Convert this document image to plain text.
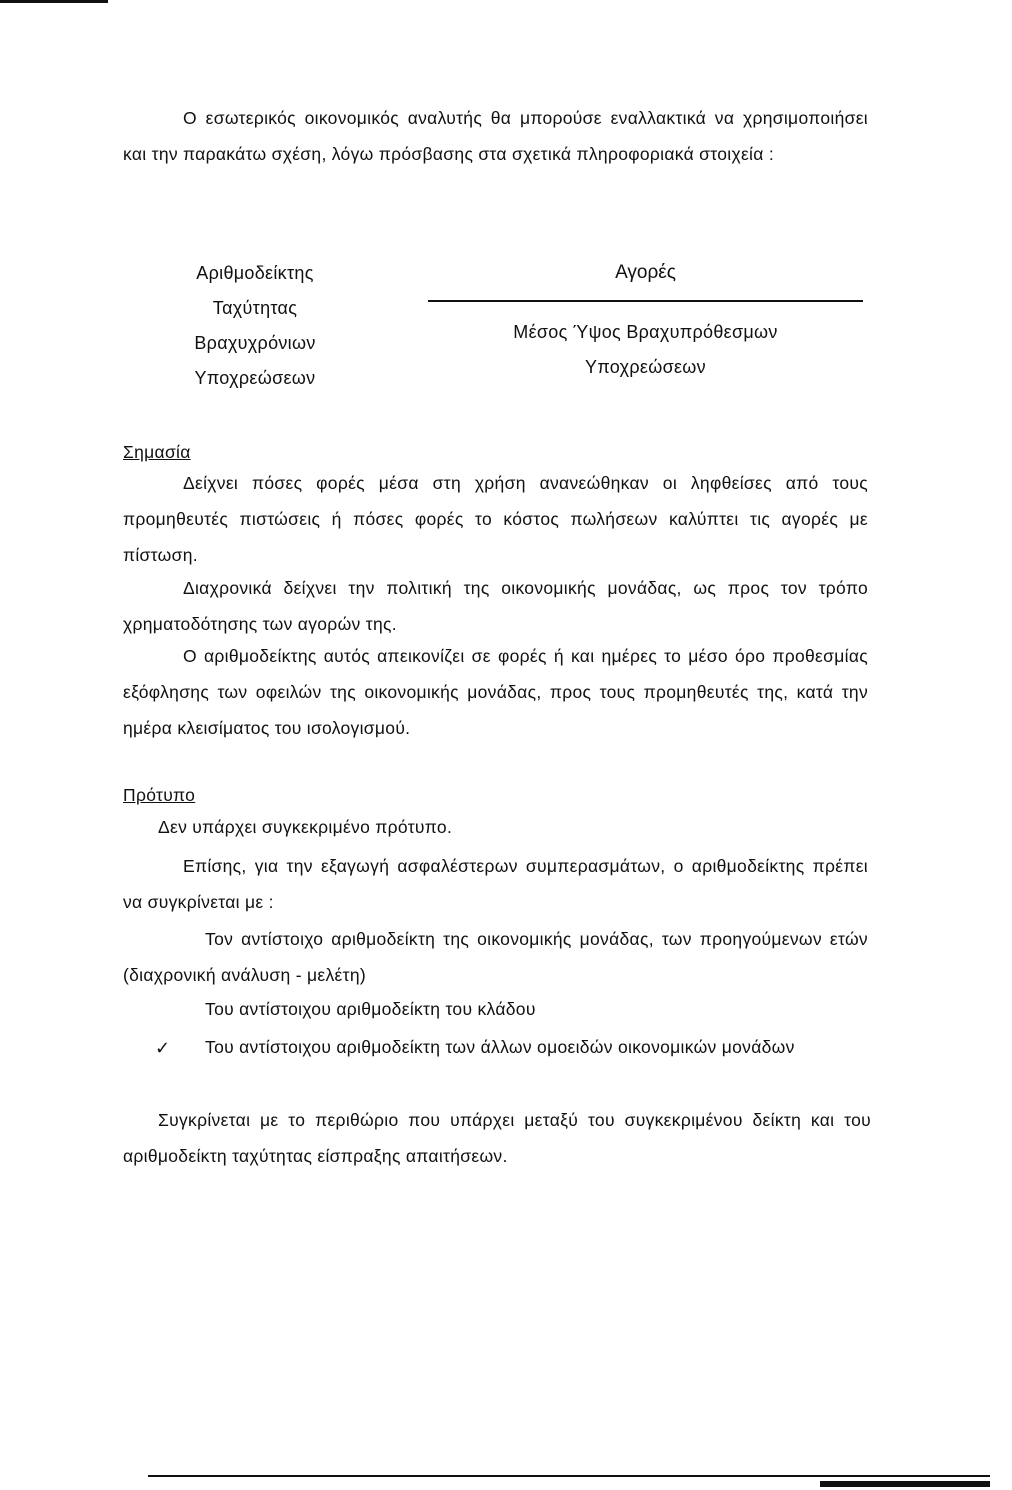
Ο εσωτερικός οικονομικός αναλυτής θα μπορούσε εναλλακτικά να χρησιμοποιήσει και την παρακάτω σχέση, λόγω πρόσβασης στα σχετικά πληροφοριακά στοιχεία :

Αριθμοδείκτης
Ταχύτητας
Βραχυχρόνιων
Υποχρεώσεων
Αγορές
Μέσος Ύψος Βραχυπρόθεσμων
Υποχρεώσεων
Σημασία

Δείχνει πόσες φορές μέσα στη χρήση ανανεώθηκαν οι ληφθείσες από τους προμηθευτές πιστώσεις ή πόσες φορές το κόστος πωλήσεων καλύπτει τις αγορές με πίστωση.

Διαχρονικά δείχνει την πολιτική της οικονομικής μονάδας, ως προς τον τρόπο χρηματοδότησης των αγορών της.

Ο αριθμοδείκτης αυτός απεικονίζει σε φορές ή και ημέρες το μέσο όρο προθεσμίας εξόφλησης των οφειλών της οικονομικής μονάδας, προς τους προμηθευτές της, κατά την ημέρα κλεισίματος του ισολογισμού.

Πρότυπο
Δεν υπάρχει συγκεκριμένο πρότυπο.

Επίσης, για την εξαγωγή ασφαλέστερων συμπερασμάτων, ο αριθμοδείκτης πρέπει να συγκρίνεται με :

Τον αντίστοιχο αριθμοδείκτη της οικονομικής μονάδας, των προηγούμενων ετών (διαχρονική ανάλυση - μελέτη)

Του αντίστοιχου αριθμοδείκτη του κλάδου
✓	Του αντίστοιχου αριθμοδείκτη των άλλων ομοειδών οικονομικών μονάδων

Συγκρίνεται με το περιθώριο που υπάρχει μεταξύ του συγκεκριμένου δείκτη και του αριθμοδείκτη ταχύτητας είσπραξης απαιτήσεων.
